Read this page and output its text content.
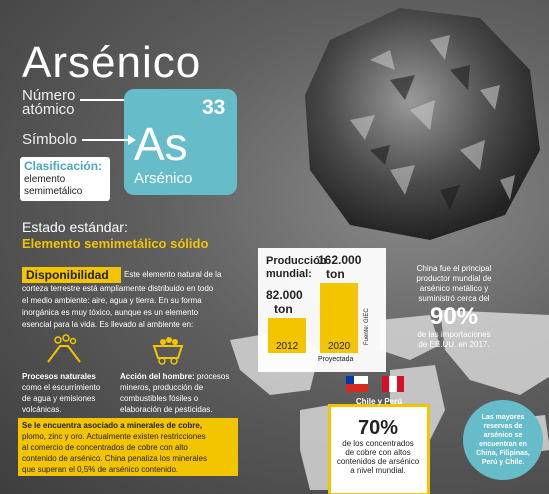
Arsénico
Número
atómico	33
As
Arsénico
Símbolo
Clasificación:
elemento
semimetálico
Estado estándar:
Elemento semimetálico sólido
Disponibilidad	Este elemento natural de la
corteza terrestre está ampliamente distribuido en todo
el medio ambiente: aire, agua y tierra. En su forma
inorgánica es muy tóxico, aunque es un elemento
esencial para la vida. Es llevado al ambiente en:
Procesos naturales
como el escurrimiento
de agua y emisiones
volcánicas.
Acción del hombre: procesos
mineros, producción de
combustibles fósiles o
elaboración de pesticidas.
Se le encuentra asociado a minerales de cobre,
plomo, zinc y oro. Actualmente existen restricciones
al comercio de concentrados de cobre con alto
contenido de arsénico. China penaliza los minerales
que superan el 0,5% de arsénico contenido.
Producción
mundial:
82.000
ton
162.000
ton
2012	2020
Proyectada
Fuente: GIEC
China fue el principal
productor mundial de
arsénico metálico y
suministró cerca del
90%
de las importaciones
de EE.UU. en 2017.
Chile y Perú
producen el
70%
de los concentrados
de cobre con altos
contenidos de arsénico
a nivel mundial.
Las mayores
reservas de
arsénico se
encuentran en
China, Filipinas,
Perú y Chile.
